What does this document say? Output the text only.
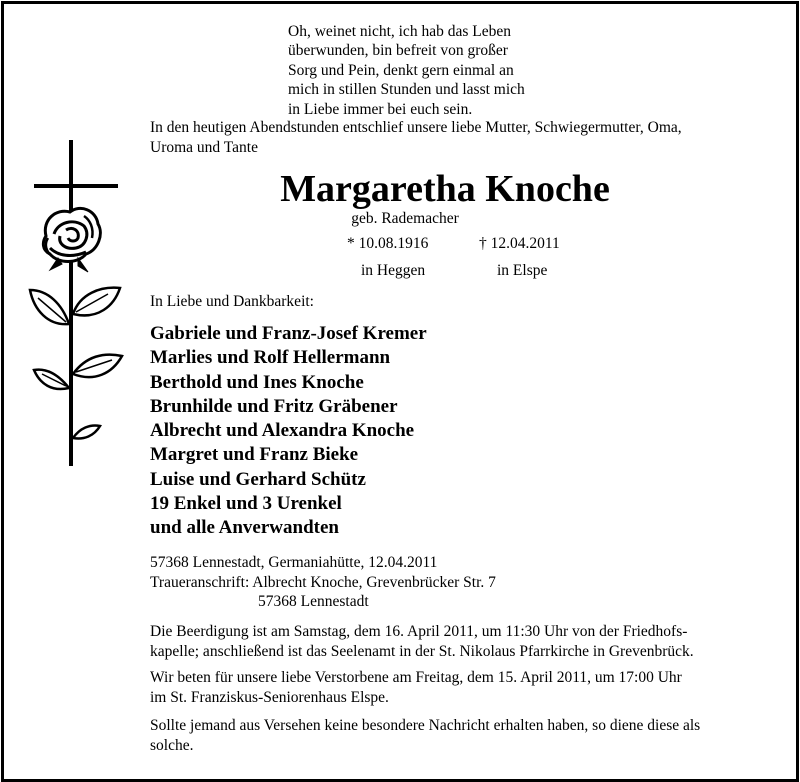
Oh, weinet nicht, ich hab das Leben
überwunden, bin befreit von großer
Sorg und Pein, denkt gern einmal an
mich in stillen Stunden und lasst mich
in Liebe immer bei euch sein.
In den heutigen Abendstunden entschlief unsere liebe Mutter, Schwiegermutter, Oma,
Uroma und Tante
Margaretha Knoche
geb. Rademacher
* 10.08.1916	† 12.04.2011
in Heggen	in Elspe
In Liebe und Dankbarkeit:
Gabriele und Franz-Josef Kremer
Marlies und Rolf Hellermann
Berthold und Ines Knoche
Brunhilde und Fritz Gräbener
Albrecht und Alexandra Knoche
Margret und Franz Bieke
Luise und Gerhard Schütz
19 Enkel und 3 Urenkel
und alle Anverwandten
57368 Lennestadt, Germaniahütte, 12.04.2011
Traueranschrift: Albrecht Knoche, Grevenbrücker Str. 7
57368 Lennestadt
Die Beerdigung ist am Samstag, dem 16. April 2011, um 11:30 Uhr von der Friedhofs-
kapelle; anschließend ist das Seelenamt in der St. Nikolaus Pfarrkirche in Grevenbrück.
Wir beten für unsere liebe Verstorbene am Freitag, dem 15. April 2011, um 17:00 Uhr
im St. Franziskus-Seniorenhaus Elspe.
Sollte jemand aus Versehen keine besondere Nachricht erhalten haben, so diene diese als
solche.
